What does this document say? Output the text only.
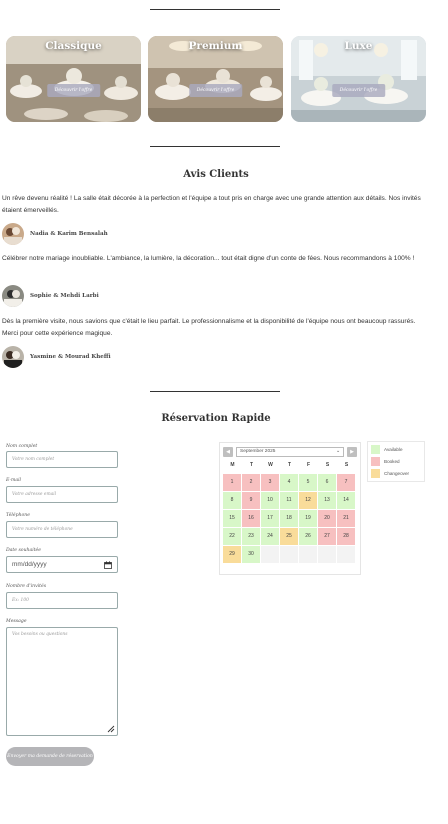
Classique
Découvrir l'offre
Premium
Découvrir l'offre
Luxe
Découvrir l'offre
Avis Clients
Un rêve devenu réalité ! La salle était décorée à la perfection et l'équipe a tout pris en charge avec une grande attention aux détails. Nos invités étaient émerveillés.
Nadia & Karim Bensalah
Célébrer notre mariage inoubliable. L'ambiance, la lumière, la décoration... tout était digne d'un conte de fées. Nous recommandons à 100% !
Sophie & Mehdi Larbi
Dès la première visite, nous savions que c'était le lieu parfait. Le professionnalisme et la disponibilité de l'équipe nous ont beaucoup rassurés. Merci pour cette expérience magique.
Yasmine & Mourad Kheffi
Réservation Rapide
Nom complet
Votre nom complet
E-mail
Votre adresse email
Téléphone
Votre numéro de téléphone
Date souhaitée
mm/dd/yyyy
Nombre d'invités
Ex: 100
Message
Vos besoins ou questions
Envoyer ma demande de réservation
◀	September 2025	⌄	▶
M	T	W	T	F	S	S
1	2	3	4	5	6	7
8	9	10	11	12	13	14
15	16	17	18	19	20	21
22	23	24	25	26	27	28
29	30
Available
Booked
Changeover
